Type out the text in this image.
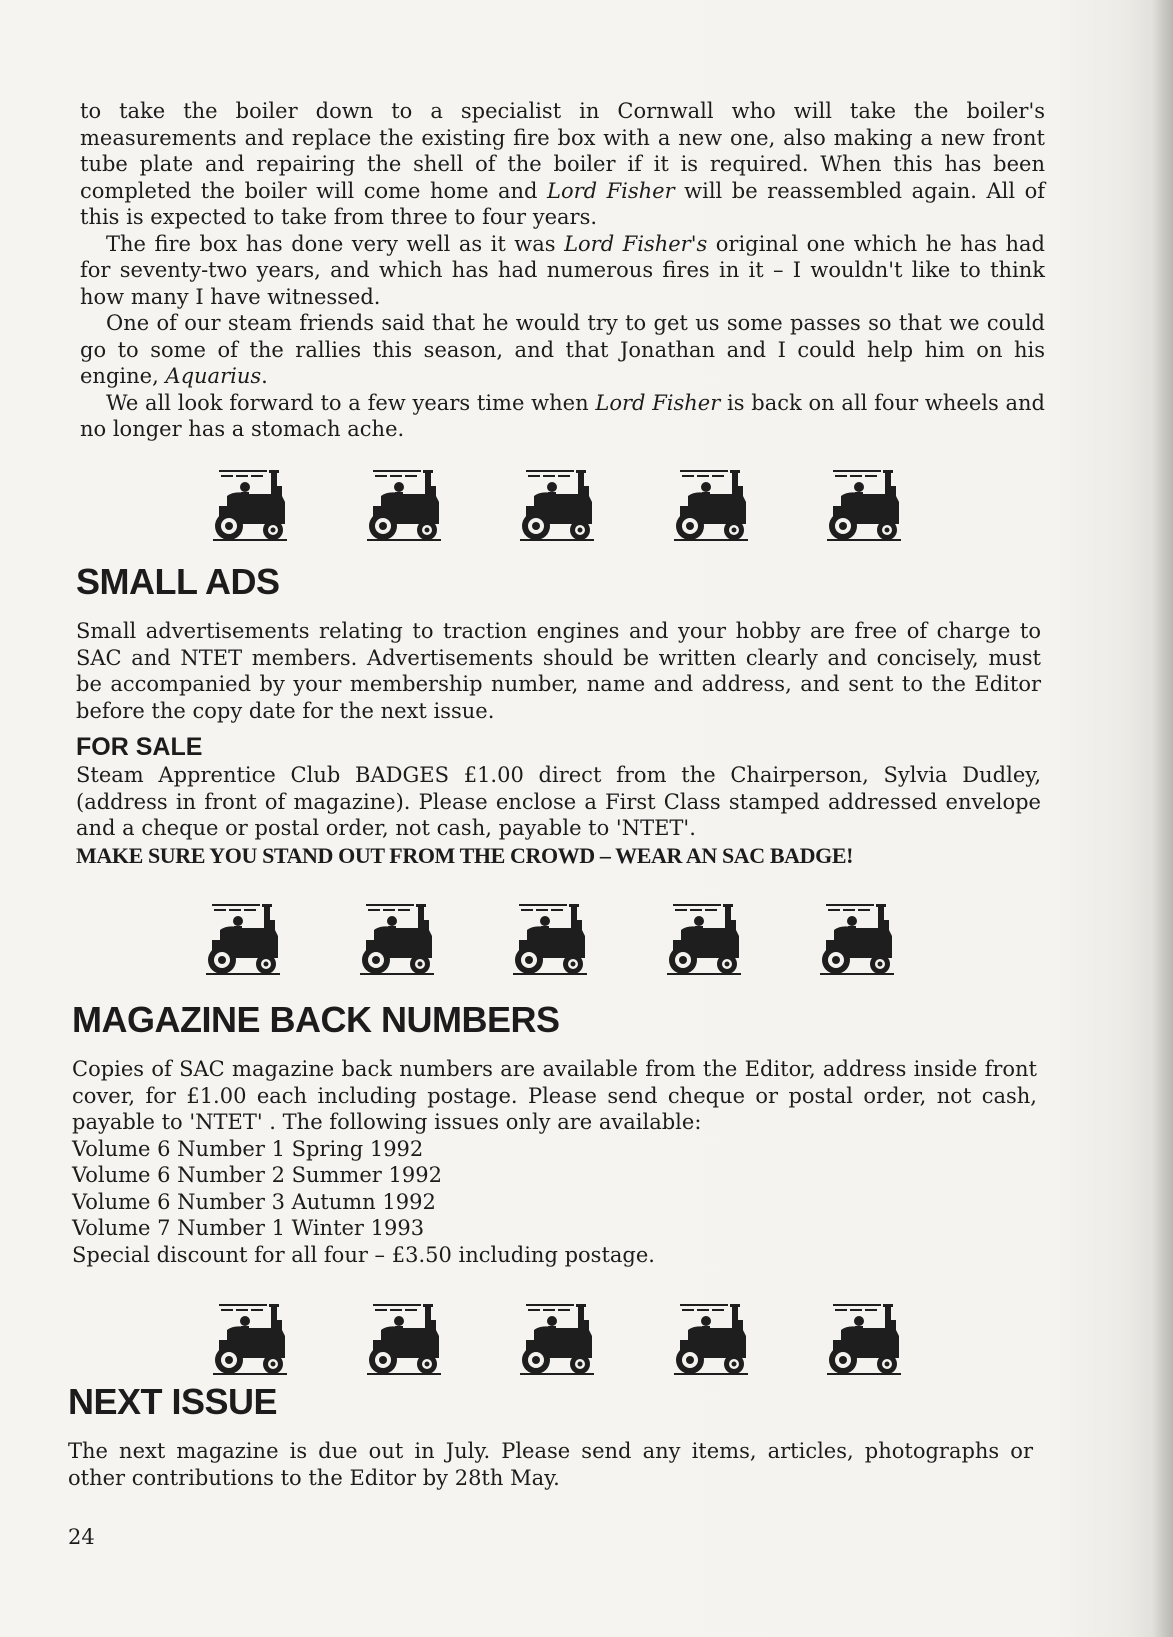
to take the boiler down to a specialist in Cornwall who will take the boiler's measurements and replace the existing fire box with a new one, also making a new front tube plate and repairing the shell of the boiler if it is required. When this has been completed the boiler will come home and Lord Fisher will be reassembled again. All of this is expected to take from three to four years.

The fire box has done very well as it was Lord Fisher's original one which he has had for seventy-two years, and which has had numerous fires in it – I wouldn't like to think how many I have witnessed.

One of our steam friends said that he would try to get us some passes so that we could go to some of the rallies this season, and that Jonathan and I could help him on his engine, Aquarius.

We all look forward to a few years time when Lord Fisher is back on all four wheels and no longer has a stomach ache.

SMALL ADS

Small advertisements relating to traction engines and your hobby are free of charge to SAC and NTET members. Advertisements should be written clearly and concisely, must be accompanied by your membership number, name and address, and sent to the Editor before the copy date for the next issue.

FOR SALE

Steam Apprentice Club BADGES £1.00 direct from the Chairperson, Sylvia Dudley, (address in front of magazine). Please enclose a First Class stamped addressed envelope and a cheque or postal order, not cash, payable to 'NTET'.

MAKE SURE YOU STAND OUT FROM THE CROWD – WEAR AN SAC BADGE!
MAGAZINE BACK NUMBERS

Copies of SAC magazine back numbers are available from the Editor, address inside front cover, for £1.00 each including postage. Please send cheque or postal order, not cash, payable to 'NTET' . The following issues only are available:

Volume 6 Number 1 Spring 1992
Volume 6 Number 2 Summer 1992
Volume 6 Number 3 Autumn 1992
Volume 7 Number 1 Winter 1993
Special discount for all four – £3.50 including postage.
NEXT ISSUE

The next magazine is due out in July. Please send any items, articles, photographs or other contributions to the Editor by 28th May.

24
